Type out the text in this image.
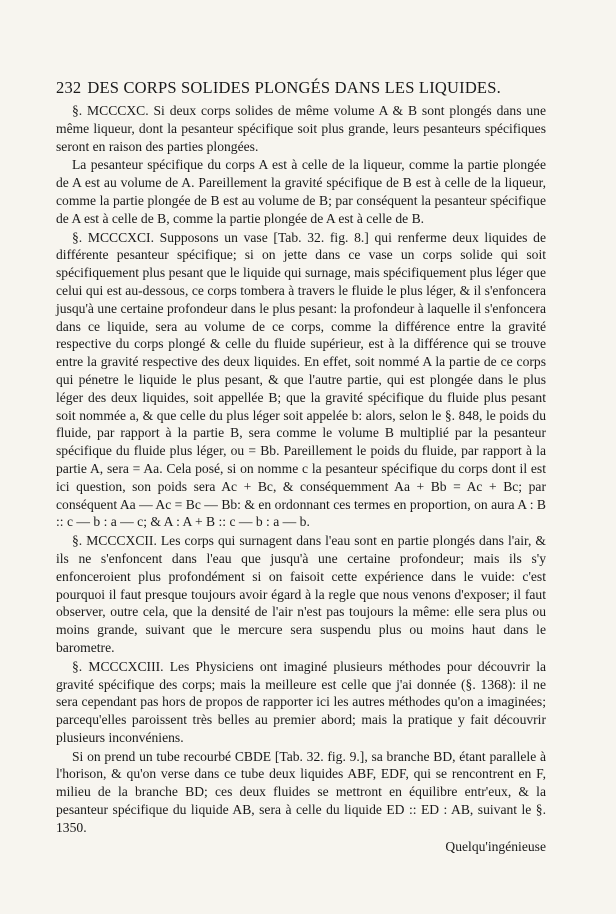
232 DES CORPS SOLIDES PLONGÉS DANS LES LIQUIDES.

§. MCCCXC. Si deux corps solides de même volume A & B sont plongés dans une même liqueur, dont la pesanteur spécifique soit plus grande, leurs pesanteurs spécifiques seront en raison des parties plongées.

La pesanteur spécifique du corps A est à celle de la liqueur, comme la partie plongée de A est au volume de A. Pareillement la gravité spécifique de B est à celle de la liqueur, comme la partie plongée de B est au volume de B; par conséquent la pesanteur spécifique de A est à celle de B, comme la partie plongée de A est à celle de B.

§. MCCCXCI. Supposons un vase [Tab. 32. fig. 8.] qui renferme deux liquides de différente pesanteur spécifique; si on jette dans ce vase un corps solide qui soit spécifiquement plus pesant que le liquide qui surnage, mais spécifiquement plus léger que celui qui est au-dessous, ce corps tombera à travers le fluide le plus léger, & il s'enfoncera jusqu'à une certaine profondeur dans le plus pesant: la profondeur à laquelle il s'enfoncera dans ce liquide, sera au volume de ce corps, comme la différence entre la gravité respective du corps plongé & celle du fluide supérieur, est à la différence qui se trouve entre la gravité respective des deux liquides. En effet, soit nommé A la partie de ce corps qui pénetre le liquide le plus pesant, & que l'autre partie, qui est plongée dans le plus léger des deux liquides, soit appellée B; que la gravité spécifique du fluide plus pesant soit nommée a, & que celle du plus léger soit appelée b: alors, selon le §. 848, le poids du fluide, par rapport à la partie B, sera comme le volume B multiplié par la pesanteur spécifique du fluide plus léger, ou = Bb. Pareillement le poids du fluide, par rapport à la partie A, sera = Aa. Cela posé, si on nomme c la pesanteur spécifique du corps dont il est ici question, son poids sera Ac + Bc, & conséquemment Aa + Bb = Ac + Bc; par conséquent Aa — Ac = Bc — Bb: & en ordonnant ces termes en proportion, on aura A : B :: c — b : a — c; & A : A + B :: c — b : a — b.

§. MCCCXCII. Les corps qui surnagent dans l'eau sont en partie plongés dans l'air, & ils ne s'enfoncent dans l'eau que jusqu'à une certaine profondeur; mais ils s'y enfonceroient plus profondément si on faisoit cette expérience dans le vuide: c'est pourquoi il faut presque toujours avoir égard à la regle que nous venons d'exposer; il faut observer, outre cela, que la densité de l'air n'est pas toujours la même: elle sera plus ou moins grande, suivant que le mercure sera suspendu plus ou moins haut dans le barometre.

§. MCCCXCIII. Les Physiciens ont imaginé plusieurs méthodes pour découvrir la gravité spécifique des corps; mais la meilleure est celle que j'ai donnée (§. 1368): il ne sera cependant pas hors de propos de rapporter ici les autres méthodes qu'on a imaginées; parcequ'elles paroissent très belles au premier abord; mais la pratique y fait découvrir plusieurs inconvéniens.

Si on prend un tube recourbé CBDE [Tab. 32. fig. 9.], sa branche BD, étant parallele à l'horison, & qu'on verse dans ce tube deux liquides ABF, EDF, qui se rencontrent en F, milieu de la branche BD; ces deux fluides se mettront en équilibre entr'eux, & la pesanteur spécifique du liquide AB, sera à celle du liquide ED :: ED : AB, suivant le §. 1350.

Quelqu'ingénieuse
